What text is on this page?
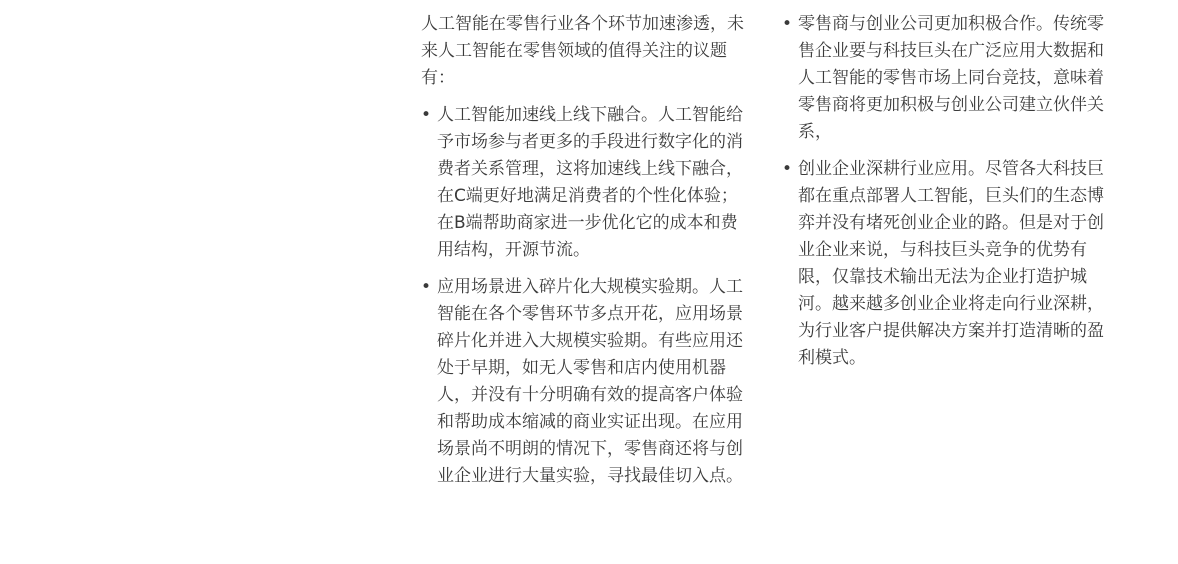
人工智能在零售行业各个环节加速渗透，未来人工智能在零售领域的值得关注的议题有：

• 人工智能加速线上线下融合。人工智能给予市场参与者更多的手段进行数字化的消费者关系管理，这将加速线上线下融合，在C端更好地满足消费者的个性化体验；在B端帮助商家进一步优化它的成本和费用结构，开源节流。
• 应用场景进入碎片化大规模实验期。人工智能在各个零售环节多点开花，应用场景碎片化并进入大规模实验期。有些应用还处于早期，如无人零售和店内使用机器人，并没有十分明确有效的提高客户体验和帮助成本缩减的商业实证出现。在应用场景尚不明朗的情况下，零售商还将与创业企业进行大量实验，寻找最佳切入点。
• 零售商与创业公司更加积极合作。传统零售企业要与科技巨头在广泛应用大数据和人工智能的零售市场上同台竞技，意味着零售商将更加积极与创业公司建立伙伴关系，
• 创业企业深耕行业应用。尽管各大科技巨都在重点部署人工智能，巨头们的生态博弈并没有堵死创业企业的路。但是对于创业企业来说，与科技巨头竞争的优势有限，仅靠技术输出无法为企业打造护城河。越来越多创业企业将走向行业深耕，为行业客户提供解决方案并打造清晰的盈利模式。
